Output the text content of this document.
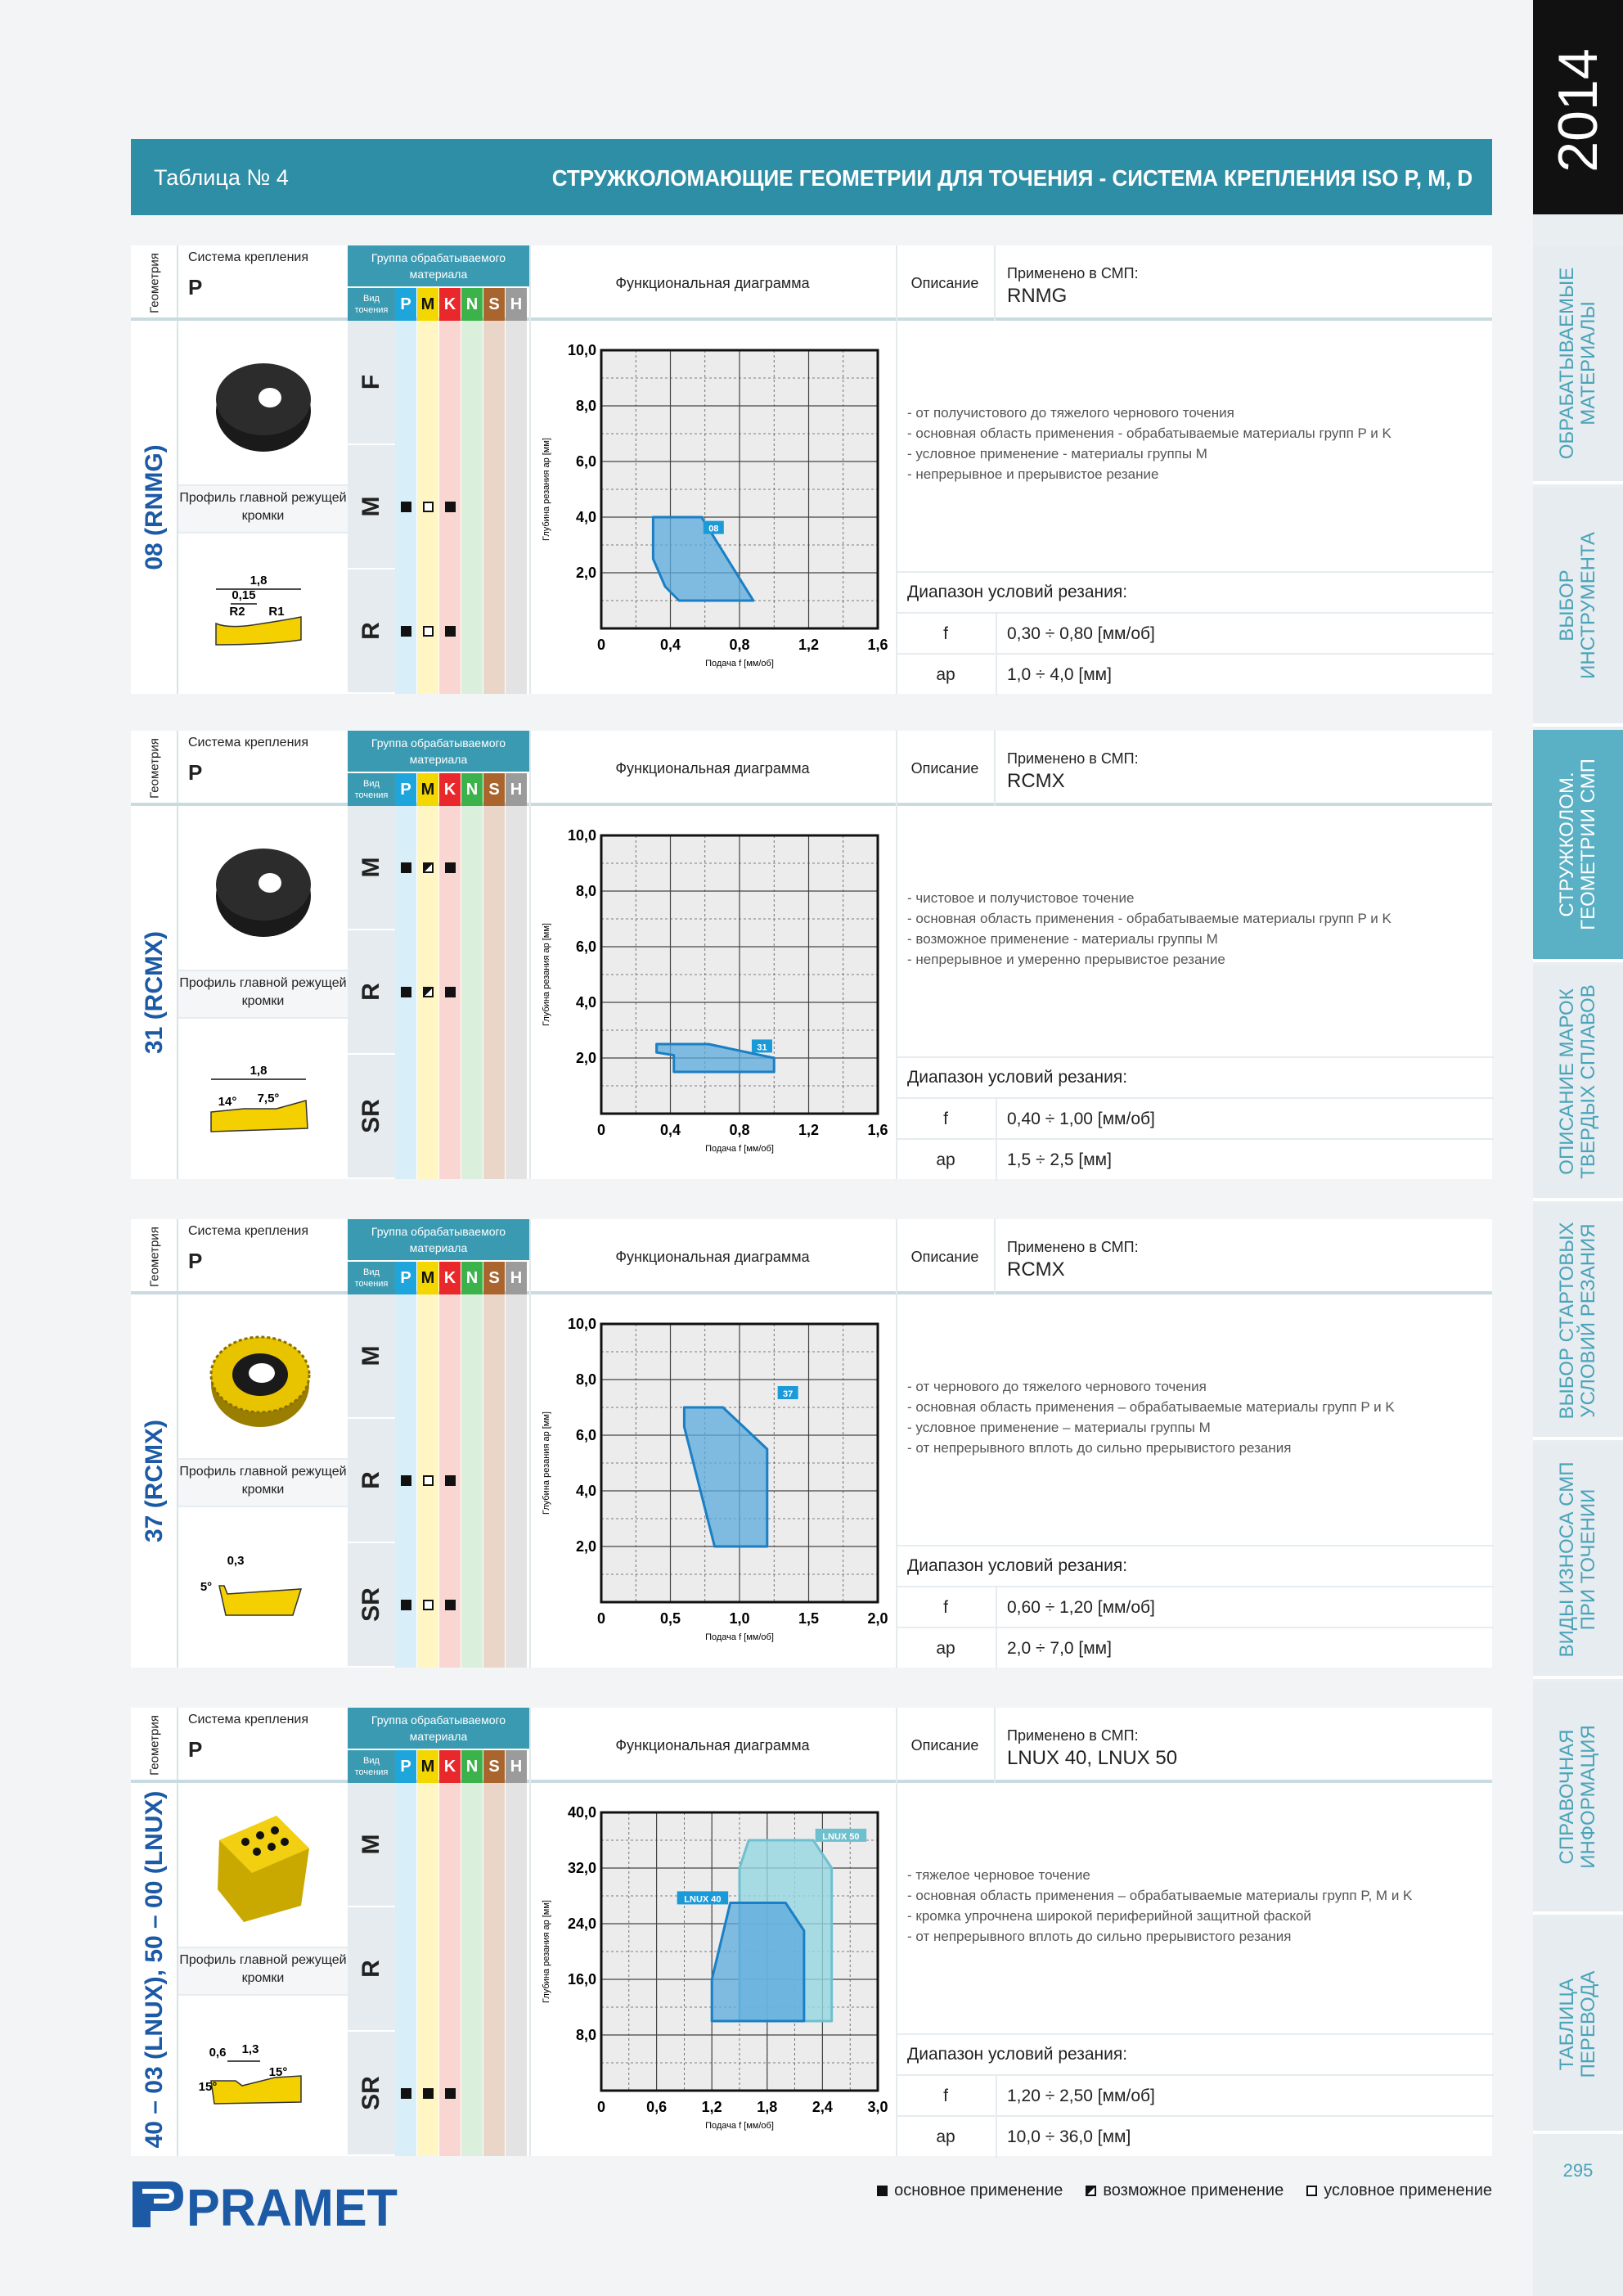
2014
ОБРАБАТЫВАЕМЫЕ
МАТЕРИАЛЫ
ВЫБОР
ИНСТРУМЕНТА
СТРУЖКОЛОМ.
ГЕОМЕТРИИ СМП
ОПИСАНИЕ МАРОК
ТВЕРДЫХ СПЛАВОВ
ВЫБОР СТАРТОВЫХ
УСЛОВИЙ РЕЗАНИЯ
ВИДЫ ИЗНОСА СМП
ПРИ ТОЧЕНИИ
СПРАВОЧНАЯ
ИНФОРМАЦИЯ
ТАБЛИЦА
ПЕРЕВОДА
295
Таблица № 4	СТРУЖКОЛОМАЮЩИЕ ГЕОМЕТРИИ ДЛЯ ТОЧЕНИЯ - СИСТЕМА КРЕПЛЕНИЯ ISO P, M, D
Геометрия
08 (RNMG)
Система крепления
P
Группа обрабатываемого материала
Вид точения P M K N S H
Функциональная диаграмма	Описание
Применено в СМП:
RNMG
Профиль главной режущей кромки
1,8
0,15
R2 R1
F
M
R
0	0,4	0,8	1,2	1,6
2,0
4,0
6,0
8,0
10,0
Подача f [мм/об]
Глубина резания ap [мм]	08
- от получистового до тяжелого чернового точения
- основная область применения - обрабатываемые материалы групп P и K
- условное применение - материалы группы M
- непрерывное и прерывистое резание
Диапазон условий резания:
f	0,30 ÷ 0,80 [мм/об]
ap	1,0 ÷ 4,0 [мм]
Геометрия
31 (RCMX)
Система крепления
P
Группа обрабатываемого материала
Вид точения P M K N S H
Функциональная диаграмма	Описание
Применено в СМП:
RCMX
Профиль главной режущей кромки
1,8
14° 7,5°
M
R
SR	0	0,4	0,8	1,2	1,6
2,0
4,0
6,0
8,0
10,0
Подача f [мм/об]
Глубина резания ap [мм]
31
- чистовое и получистовое точение
- основная область применения - обрабатываемые материалы групп P и K
- возможное применение - материалы группы M
- непрерывное и умеренно прерывистое резание
Диапазон условий резания:
f	0,40 ÷ 1,00 [мм/об]
ap	1,5 ÷ 2,5 [мм]
Геометрия
37 (RCMX)
Система крепления
P
Группа обрабатываемого материала
Вид точения P M K N S H
Функциональная диаграмма	Описание
Применено в СМП:
RCMX
Профиль главной режущей кромки
0,3
5°
M
R
SR	0	0,5	1,0	1,5	2,0
2,0
4,0
6,0
8,0
10,0
Подача f [мм/об]
Глубина резания ap [мм]
37
-	от чернового до тяжелого чернового точения
- основная область применения – обрабатываемые материалы групп P и K
- условное применение – материалы группы M
- от непрерывного вплоть до сильно прерывистого резания
Диапазон условий резания:
f	0,60 ÷ 1,20 [мм/об]
ap	2,0 ÷ 7,0 [мм]
Геометрия
40 – 03 (LNUX), 50 – 00 (LNUX)
Система крепления
P
Группа обрабатываемого материала
Вид точения P M K N S H
Функциональная диаграмма	Описание
Применено в СМП:
LNUX 40, LNUX 50
Профиль главной режущей кромки
0,6 1,3
15°
15°
M
R
SR	0	0,6 1,2 1,8 2,4 3,0
8,0
16,0
24,0
32,0
40,0
Подача f [мм/об]
Глубина резания ap [мм]
LNUX 50
LNUX 40
- тяжелое черновое точение
- основная область применения – обрабатываемые материалы групп P, M и K
- кромка упрочнена широкой периферийной защитной фаской
- от непрерывного вплоть до сильно прерывистого резания
Диапазон условий резания:
f	1,20 ÷ 2,50 [мм/об]
ap	10,0 ÷ 36,0 [мм]
PRAMET	основное применение возможное применение условное применение
